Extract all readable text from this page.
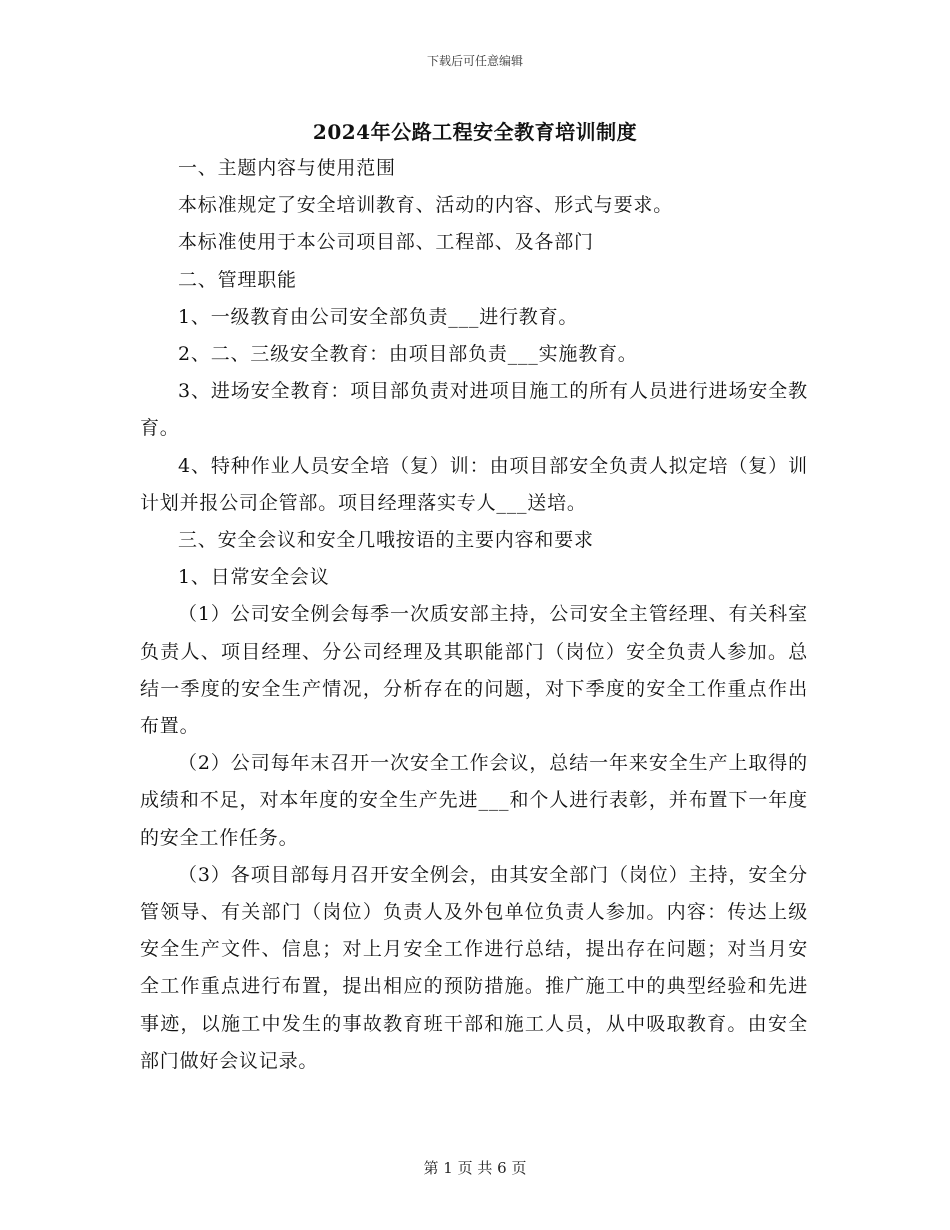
下载后可任意编辑
2024年公路工程安全教育培训制度

一、主题内容与使用范围

本标准规定了安全培训教育、活动的内容、形式与要求。

本标准使用于本公司项目部、工程部、及各部门

二、管理职能

1、一级教育由公司安全部负责___进行教育。

2、二、三级安全教育：由项目部负责___实施教育。

3、进场安全教育：项目部负责对进项目施工的所有人员进行进场安全教育。

4、特种作业人员安全培（复）训：由项目部安全负责人拟定培（复）训计划并报公司企管部。项目经理落实专人___送培。

三、安全会议和安全几哦按语的主要内容和要求

1、日常安全会议

（1）公司安全例会每季一次质安部主持，公司安全主管经理、有关科室负责人、项目经理、分公司经理及其职能部门（岗位）安全负责人参加。总结一季度的安全生产情况，分析存在的问题，对下季度的安全工作重点作出布置。

（2）公司每年末召开一次安全工作会议，总结一年来安全生产上取得的成绩和不足，对本年度的安全生产先进___和个人进行表彰，并布置下一年度的安全工作任务。

（3）各项目部每月召开安全例会，由其安全部门（岗位）主持，安全分管领导、有关部门（岗位）负责人及外包单位负责人参加。内容：传达上级安全生产文件、信息；对上月安全工作进行总结，提出存在问题；对当月安全工作重点进行布置，提出相应的预防措施。推广施工中的典型经验和先进事迹，以施工中发生的事故教育班干部和施工人员，从中吸取教育。由安全部门做好会议记录。

第 1 页 共 6 页
